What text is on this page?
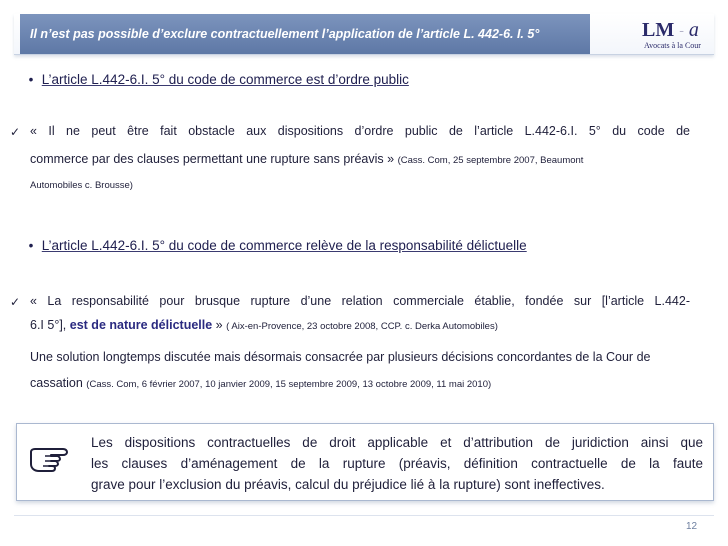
Il n’est pas possible d’exclure contractuellement l’application de l’article L. 442-6. I. 5°	LM - a
Avocats à la Cour
• L’article L.442-6.I. 5° du code de commerce est d’ordre public
✓ « Il ne peut être fait obstacle aux dispositions d’ordre public de l’article L.442-6.I. 5° du code de
commerce par des clauses permettant une rupture sans préavis » (Cass. Com, 25 septembre 2007, Beaumont
Automobiles c. Brousse)
• L’article L.442-6.I. 5° du code de commerce relève de la responsabilité délictuelle
✓ « La responsabilité pour brusque rupture d’une relation commerciale établie, fondée sur [l’article L.442-
6.I 5°], est de nature délictuelle » ( Aix-en-Provence, 23 octobre 2008, CCP. c. Derka Automobiles)
Une solution longtemps discutée mais désormais consacrée par plusieurs décisions concordantes de la Cour de
cassation (Cass. Com, 6 février 2007, 10 janvier 2009, 15 septembre 2009, 13 octobre 2009, 11 mai 2010)
Les dispositions contractuelles de droit applicable et d’attribution de juridiction ainsi que
les clauses d’aménagement de la rupture (préavis, définition contractuelle de la faute
grave pour l’exclusion du préavis, calcul du préjudice lié à la rupture) sont ineffectives.
12
